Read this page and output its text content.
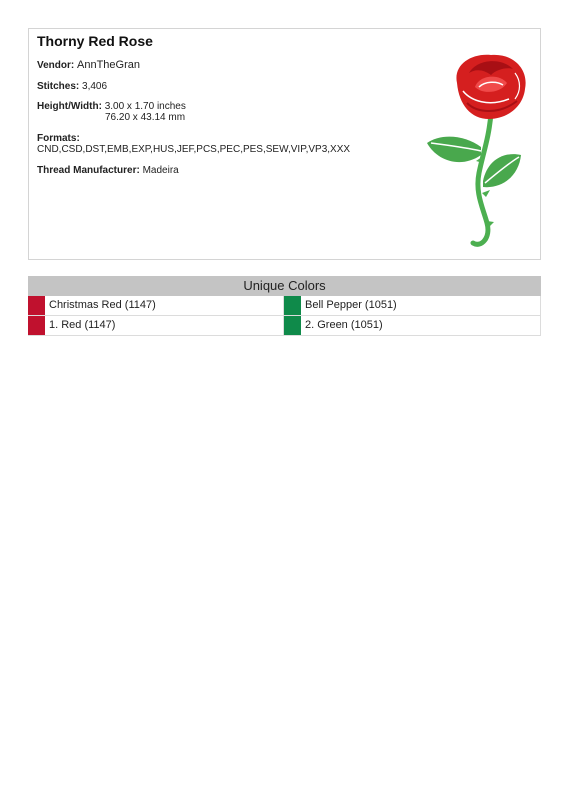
Thorny Red Rose
Vendor: AnnTheGran
Stitches: 3,406
Height/Width: 3.00 x 1.70 inches
76.20 x 43.14 mm
Formats:
CND,CSD,DST,EMB,EXP,HUS,JEF,PCS,PEC,PES,SEW,VIP,VP3,XXX
Thread Manufacturer: Madeira
Unique Colors
Christmas Red (1147)	Bell Pepper (1051)
1. Red (1147)	2. Green (1051)
